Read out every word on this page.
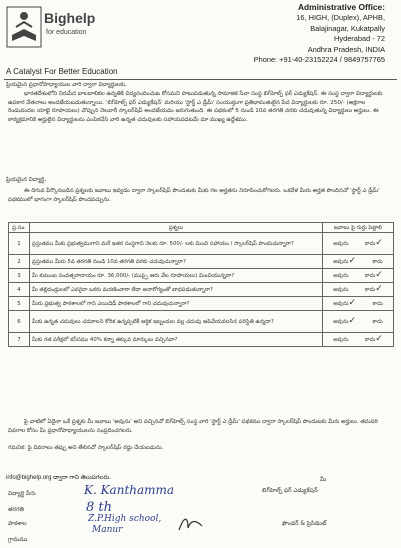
Bighelp
for education
A Catalyst For Better Education
Administrative Office:
16, HIGH, (Duplex), APHB,
Balajinagar, Kukatpally
Hyderabad - 72
Andhra Pradesh, INDIA
Phone: +91-40-23152224 / 9849757765
ప్రియమైన ప్రధానోపాధ్యాయుల వారి ద్వారా విద్యార్థులకు,
భారతదేశంలోని నిరుపేద బాలబాలికల ఉన్నతికి విద్యనందించుట కోసమని పాటుపడుతున్న సామాజిక సేవా సంస్థ బిగ్‌హెల్ప్ ఫర్ ఎడ్యుకేషన్. ఈ సంస్థ ద్వారా విద్యార్థులకు ఉపకార వేతనాలు అందజేయబడుతున్నాయి. 'బిగ్‌హెల్ప్ ఫర్ ఎడ్యుకేషన్' మరియు 'స్టార్ట్ ఎ డ్రీమ్' సంయుక్తంగా ప్రతిభావంతులైన పేద విద్యార్థులకు రూ. 250/- (అక్షరాల రెండువందల యాభై రూపాయలు) చొప్పున నెలవారీ స్కాలర్‌షిప్ అందజేయడం జరుగుతుంది. ఈ పథకంలో 5 నుండి 10వ తరగతి వరకు చదువుతున్న విద్యార్థులు అర్హులు. ఈ కార్యక్రమానికి అర్హులైన విద్యార్థులను ఎంపికచేసి వారి ఉన్నత చదువులకు సహాయపడటమే మా ముఖ్య ఉద్దేశము.
ప్రియమైన విద్యార్థి,
ఈ దిగువ పేర్కొనబడిన ప్రశ్నలకు జవాబు ఇవ్వడం ద్వారా స్కాలర్‌షిప్ పొందుటకు మీకు గల అర్హతను నిరూపించుకోగలరు. ఒకవేళ మీరు అర్హత పొందినచో 'స్టార్ట్ ఎ డ్రీమ్' పథకములో భాగంగా స్కాలర్‌షిప్ పొందవచ్చును.
ప్ర.సం.	ప్రశ్నలు	జవాబు పై గుర్తు పెట్టాలి
1	ప్రస్తుతము మీకు ప్రభుత్వముగాని మరే ఇతర సంస్థగాని నెలకు రూ. 500/- లకు మించి సహాయం / స్కాలర్‌షిప్ పొందుచున్నారా?	అవును కాదు✓

2	ప్రస్తుతము మీరు 5వ తరగతి నుండి 10వ తరగతి వరకు చదువుచున్నారా?	అవును✓ కాదు

3	మీ కుటుంబ సంవత్సరాదాయం రూ. 36,000/- (ముప్పై ఆరు వేల రూపాయలు) మించియున్నదా?	అవును కాదు✓

4	మీ తల్లిదండ్రులలో ఎవరైనా ఒకరు మరణించారా లేదా అనారోగ్యంతో బాధపడుతున్నారా?	అవును కాదు✓

5	మీరు ప్రభుత్వ పాఠశాలలో గాని ఎయిడెడ్ పాఠశాలలో గాని చదువుచున్నారా?	అవును✓ కాదు

6	మీకు ఉన్నత చదువులు చదవాలని కోరిక ఉన్నప్పటికీ ఆర్థిక ఇబ్బందుల వల్ల చదువు ఆపివేయవలసిన పరిస్థితి ఉన్నదా?	అవును✓ కాదు

7	మీకు గత పరీక్షలో కనీసము 40% కన్నా తక్కువ మార్కులు వచ్చినవా?	అవును కాదు✓
పై వాటిలో ఏదైనా ఒకే ప్రశ్నకు మీ జవాబు 'అవును' అని వచ్చినచో బిగ్‌హెల్ప్ సంస్థ వారి 'స్టార్ట్ ఎ డ్రీమ్' పథకము ద్వారా స్కాలర్‌షిప్ పొందుటకు మీరు అర్హులు. తదుపరి వివరాల కోసం మీ ప్రధానోపాధ్యాయులను సంప్రదించగలరు.
గమనిక: పై వివరాలు తప్పు అని తేలినచో స్కాలర్‌షిప్ రద్దు చేయబడును.
info@bighelp.org ద్వారా గాని తెలుపగలరు.
విద్యార్థి పేరు	K. Kanthamma
తరగతి	8 th
పాఠశాల	Z.P.High school,
Manur
గ్రామము
మీ
బిగ్‌హెల్ప్ ఫర్ ఎడ్యుకేషన్
ఫౌండర్ & ప్రెసిడెంట్
